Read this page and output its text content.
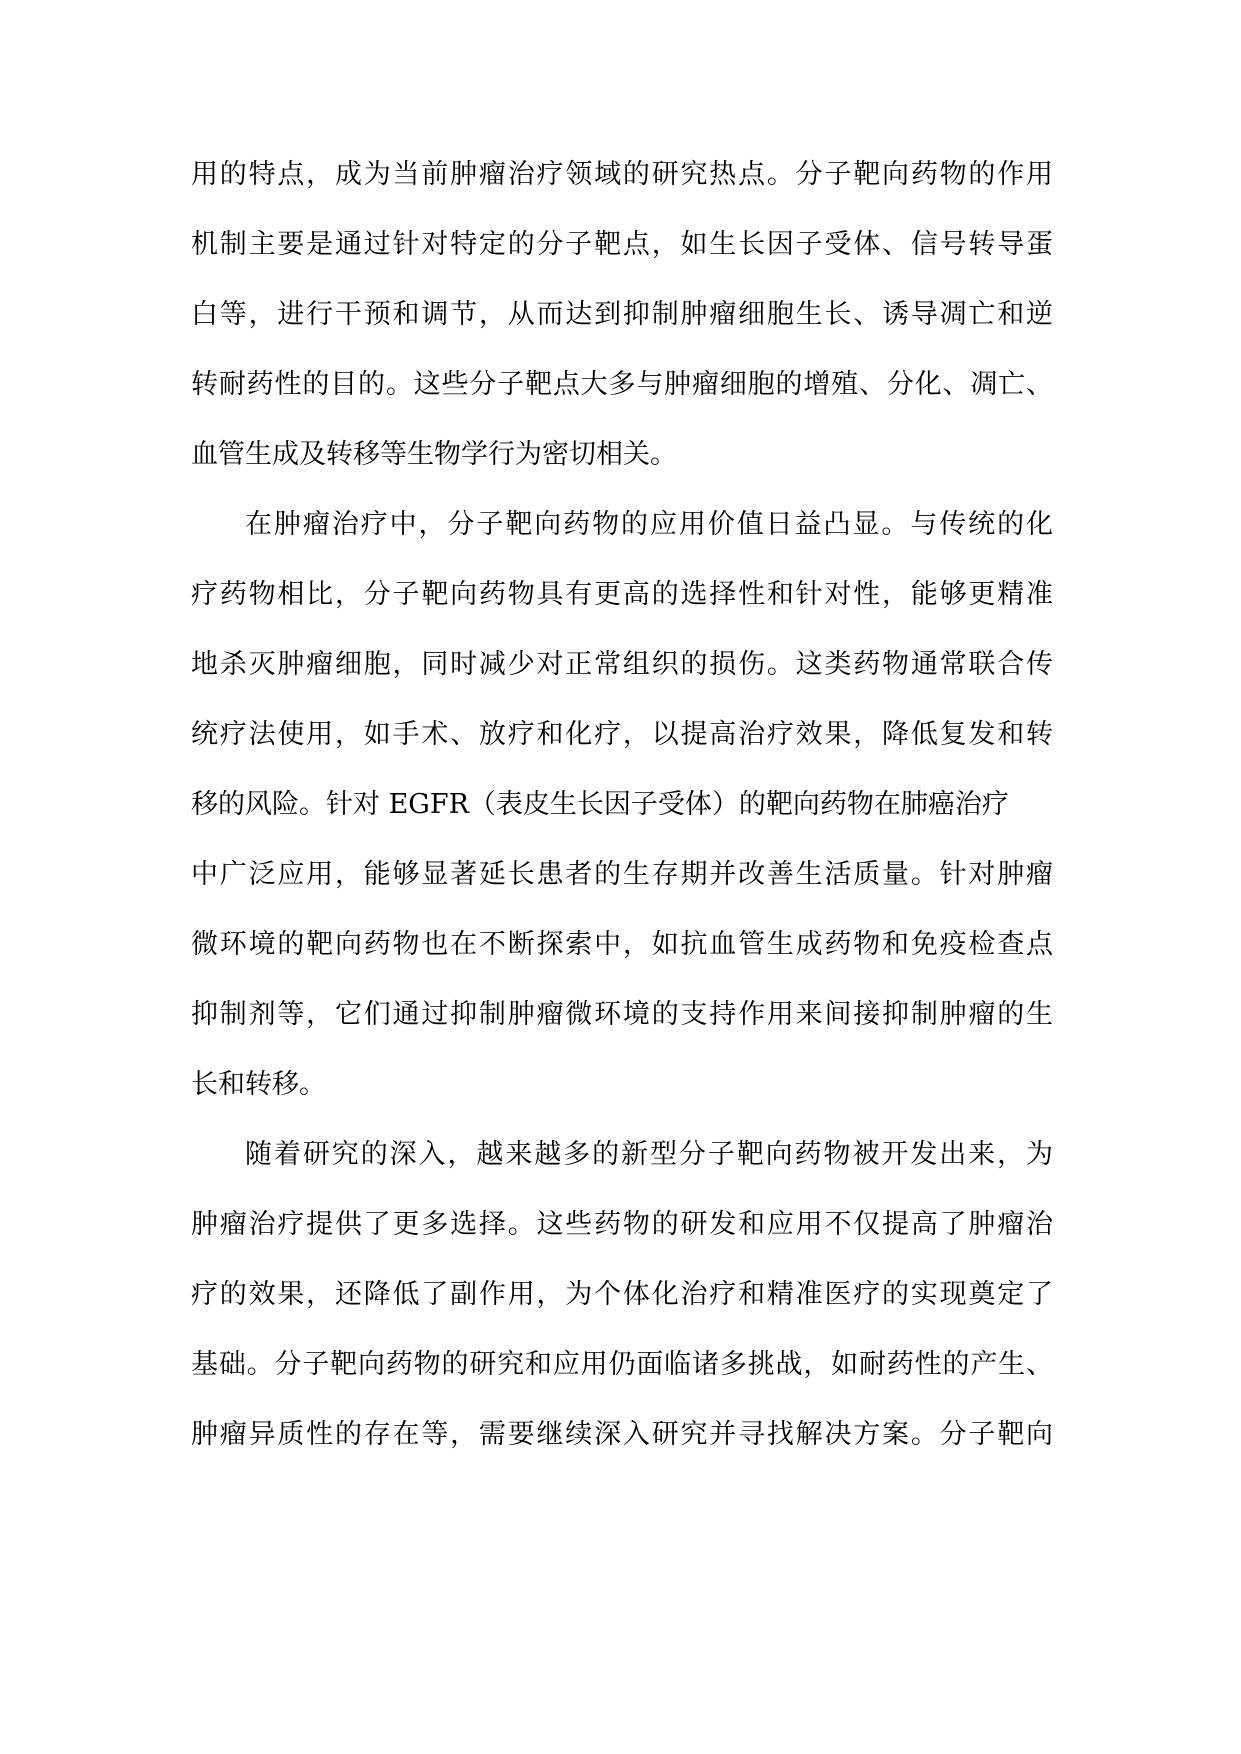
用的特点，成为当前肿瘤治疗领域的研究热点。分子靶向药物的作用
机制主要是通过针对特定的分子靶点，如生长因子受体、信号转导蛋
白等，进行干预和调节，从而达到抑制肿瘤细胞生长、诱导凋亡和逆
转耐药性的目的。这些分子靶点大多与肿瘤细胞的增殖、分化、凋亡、
血管生成及转移等生物学行为密切相关。
在肿瘤治疗中，分子靶向药物的应用价值日益凸显。与传统的化
疗药物相比，分子靶向药物具有更高的选择性和针对性，能够更精准
地杀灭肿瘤细胞，同时减少对正常组织的损伤。这类药物通常联合传
统疗法使用，如手术、放疗和化疗，以提高治疗效果，降低复发和转
移的风险。针对 EGFR（表皮生长因子受体）的靶向药物在肺癌治疗
中广泛应用，能够显著延长患者的生存期并改善生活质量。针对肿瘤
微环境的靶向药物也在不断探索中，如抗血管生成药物和免疫检查点
抑制剂等，它们通过抑制肿瘤微环境的支持作用来间接抑制肿瘤的生
长和转移。
随着研究的深入，越来越多的新型分子靶向药物被开发出来，为
肿瘤治疗提供了更多选择。这些药物的研发和应用不仅提高了肿瘤治
疗的效果，还降低了副作用，为个体化治疗和精准医疗的实现奠定了
基础。分子靶向药物的研究和应用仍面临诸多挑战，如耐药性的产生、
肿瘤异质性的存在等，需要继续深入研究并寻找解决方案。分子靶向
